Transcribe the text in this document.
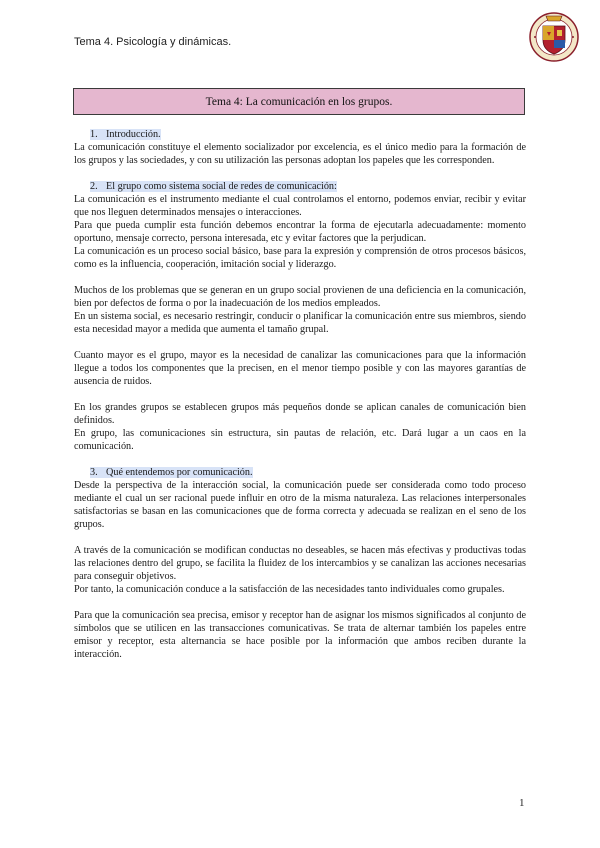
Tema 4. Psicología y dinámicas.
Tema 4: La comunicación en los grupos.

1. Introducción.

La comunicación constituye el elemento socializador por excelencia, es el único medio para la formación de los grupos y las sociedades, y con su utilización las personas adoptan los papeles que les corresponden.

2. El grupo como sistema social de redes de comunicación:

La comunicación es el instrumento mediante el cual controlamos el entorno, podemos enviar, recibir y evitar que nos lleguen determinados mensajes o interacciones.

Para que pueda cumplir esta función debemos encontrar la forma de ejecutarla adecuadamente: momento oportuno, mensaje correcto, persona interesada, etc y evitar factores que la perjudican.

La comunicación es un proceso social básico, base para la expresión y comprensión de otros procesos básicos, como es la influencia, cooperación, imitación social y liderazgo.

Muchos de los problemas que se generan en un grupo social provienen de una deficiencia en la comunicación, bien por defectos de forma o por la inadecuación de los medios empleados.

En un sistema social, es necesario restringir, conducir o planificar la comunicación entre sus miembros, siendo esta necesidad mayor a medida que aumenta el tamaño grupal.

Cuanto mayor es el grupo, mayor es la necesidad de canalizar las comunicaciones para que la información llegue a todos los componentes que la precisen, en el menor tiempo posible y con las mayores garantías de ausencia de ruidos.

En los grandes grupos se establecen grupos más pequeños donde se aplican canales de comunicación bien definidos.

En grupo, las comunicaciones sin estructura, sin pautas de relación, etc. Dará lugar a un caos en la comunicación.

3. Qué entendemos por comunicación.

Desde la perspectiva de la interacción social, la comunicación puede ser considerada como todo proceso mediante el cual un ser racional puede influir en otro de la misma naturaleza. Las relaciones interpersonales satisfactorias se basan en las comunicaciones que de forma correcta y adecuada se realizan en el seno de los grupos.

A través de la comunicación se modifican conductas no deseables, se hacen más efectivas y productivas todas las relaciones dentro del grupo, se facilita la fluidez de los intercambios y se canalizan las acciones necesarias para conseguir objetivos.

Por tanto, la comunicación conduce a la satisfacción de las necesidades tanto individuales como grupales.

Para que la comunicación sea precisa, emisor y receptor han de asignar los mismos significados al conjunto de símbolos que se utilicen en las transacciones comunicativas. Se trata de alternar también los papeles entre emisor y receptor, esta alternancia se hace posible por la información que ambos reciben durante la interacción.

1
